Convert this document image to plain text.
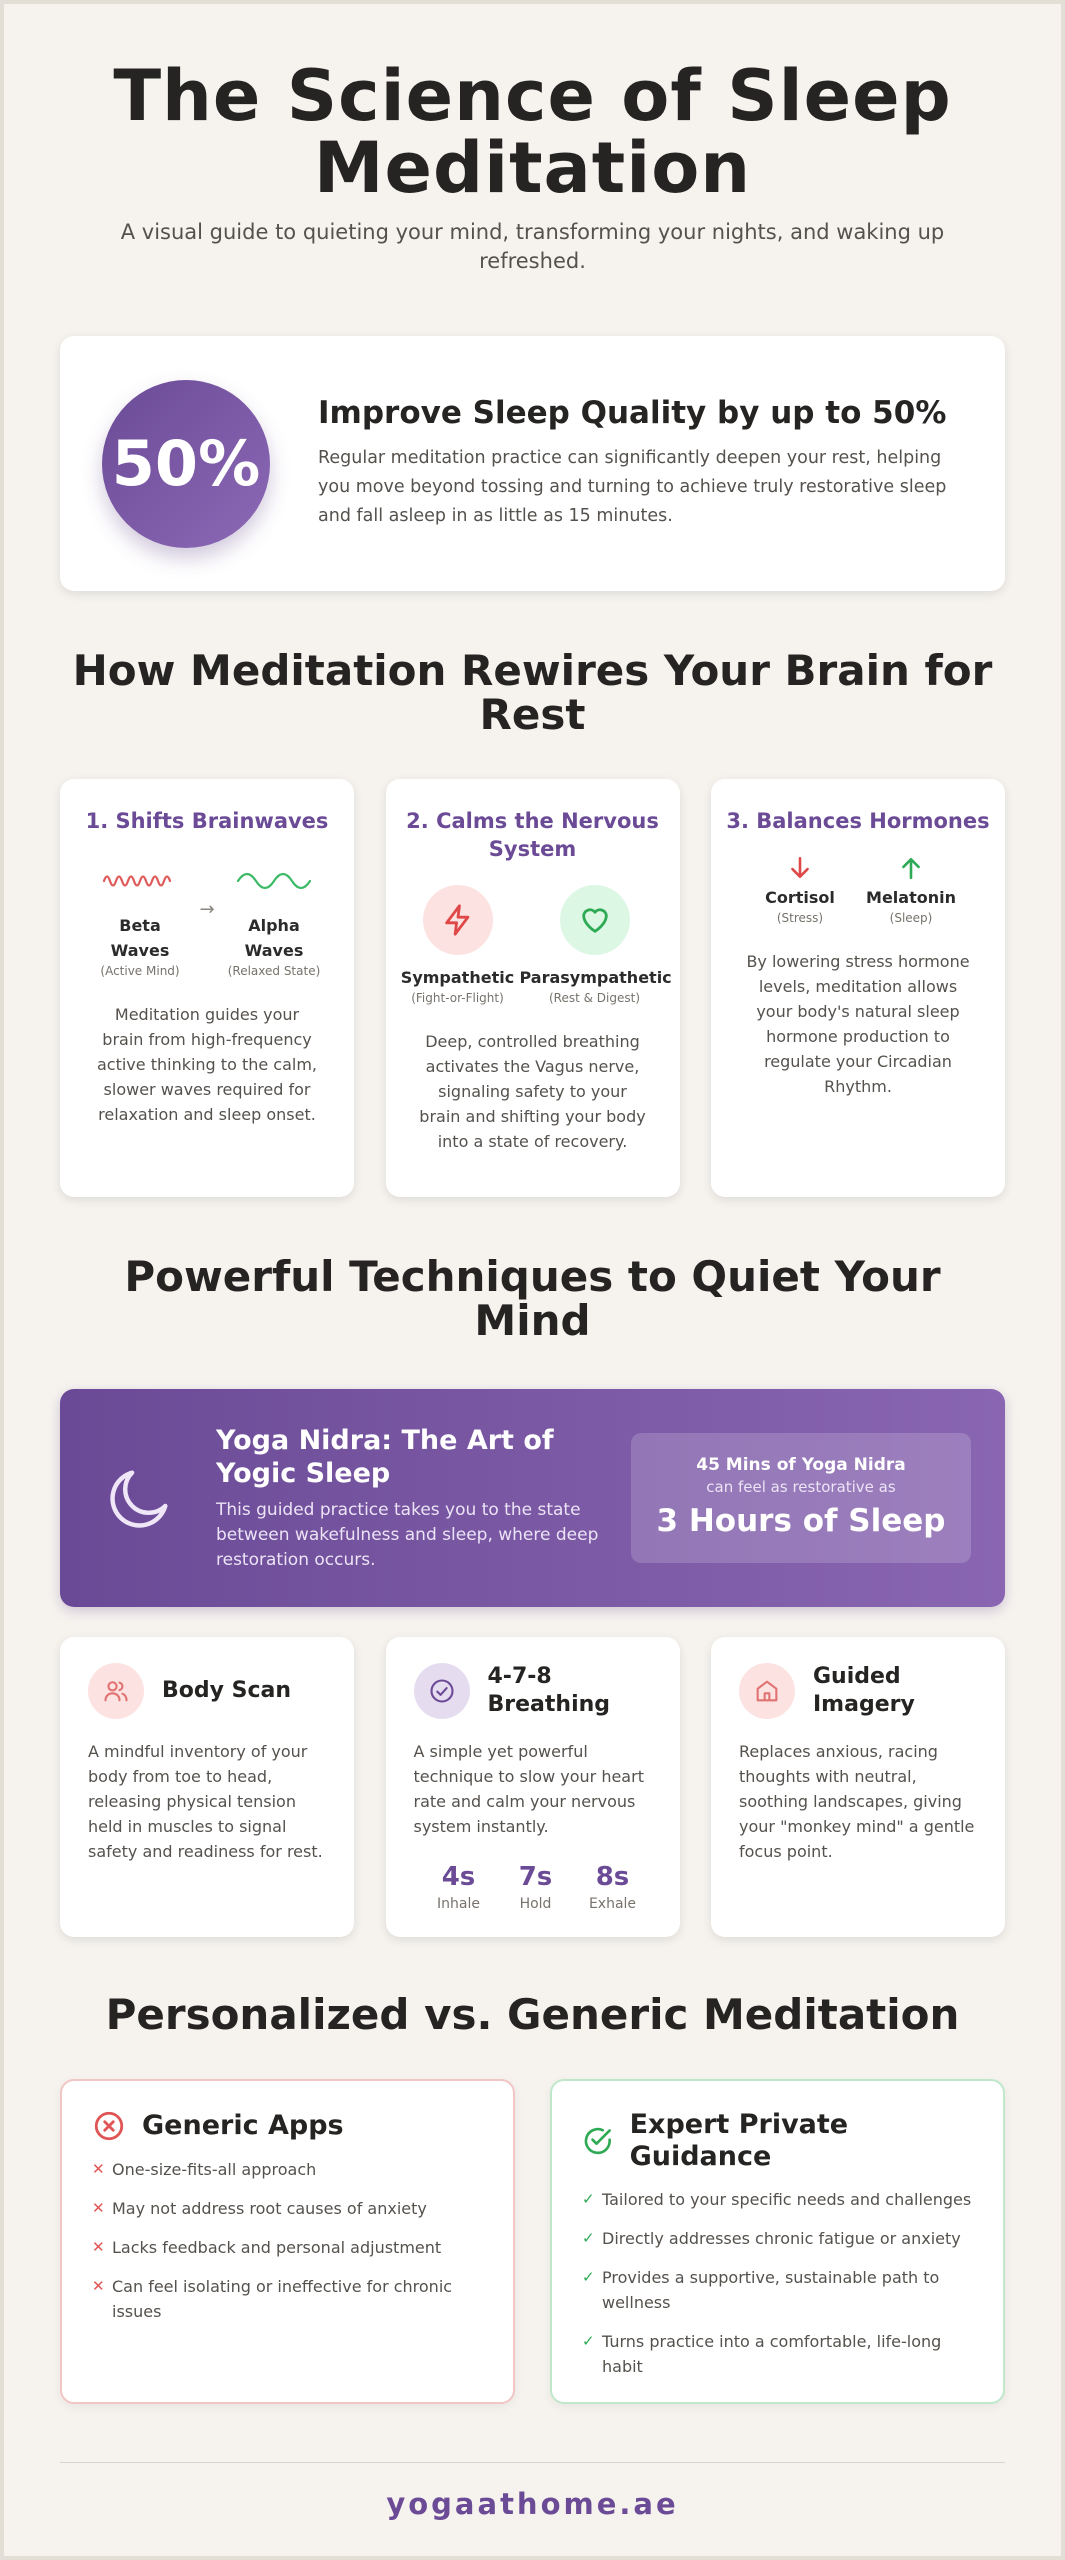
The Science of Sleep Meditation

A visual guide to quieting your mind, transforming your nights, and waking up refreshed.

50%
Improve Sleep Quality by up to 50%

Regular meditation practice can significantly deepen your rest, helping you move beyond tossing and turning to achieve truly restorative sleep and fall asleep in as little as 15 minutes.

How Meditation Rewires Your Brain for Rest
1. Shifts Brainwaves
Beta Waves
(Active Mind)
→
Alpha Waves
(Relaxed State)

Meditation guides your brain from high-frequency active thinking to the calm, slower waves required for relaxation and sleep onset.

2. Calms the Nervous System
Sympathetic
(Fight-or-Flight)
Parasympathetic
(Rest & Digest)

Deep, controlled breathing activates the Vagus nerve, signaling safety to your brain and shifting your body into a state of recovery.

3. Balances Hormones
Cortisol
(Stress)
Melatonin
(Sleep)

By lowering stress hormone levels, meditation allows your body's natural sleep hormone production to regulate your Circadian Rhythm.

Powerful Techniques to Quiet Your Mind
Yoga Nidra: The Art of Yogic Sleep

This guided practice takes you to the state between wakefulness and sleep, where deep restoration occurs.

45 Mins of Yoga Nidra
can feel as restorative as
3 Hours of Sleep
Body Scan

A mindful inventory of your body from toe to head, releasing physical tension held in muscles to signal safety and readiness for rest.

4-7-8 Breathing

A simple yet powerful technique to slow your heart rate and calm your nervous system instantly.

4s
Inhale
7s
Hold
8s
Exhale
Guided Imagery

Replaces anxious, racing thoughts with neutral, soothing landscapes, giving your "monkey mind" a gentle focus point.

Personalized vs. Generic Meditation
Generic Apps
✕ One-size-fits-all approach
✕ May not address root causes of anxiety
✕ Lacks feedback and personal adjustment
✕ Can feel isolating or ineffective for chronic issues
Expert Private Guidance
✓ Tailored to your specific needs and challenges
✓ Directly addresses chronic fatigue or anxiety
✓ Provides a supportive, sustainable path to wellness
✓ Turns practice into a comfortable, life-long habit
yogaathome.ae
